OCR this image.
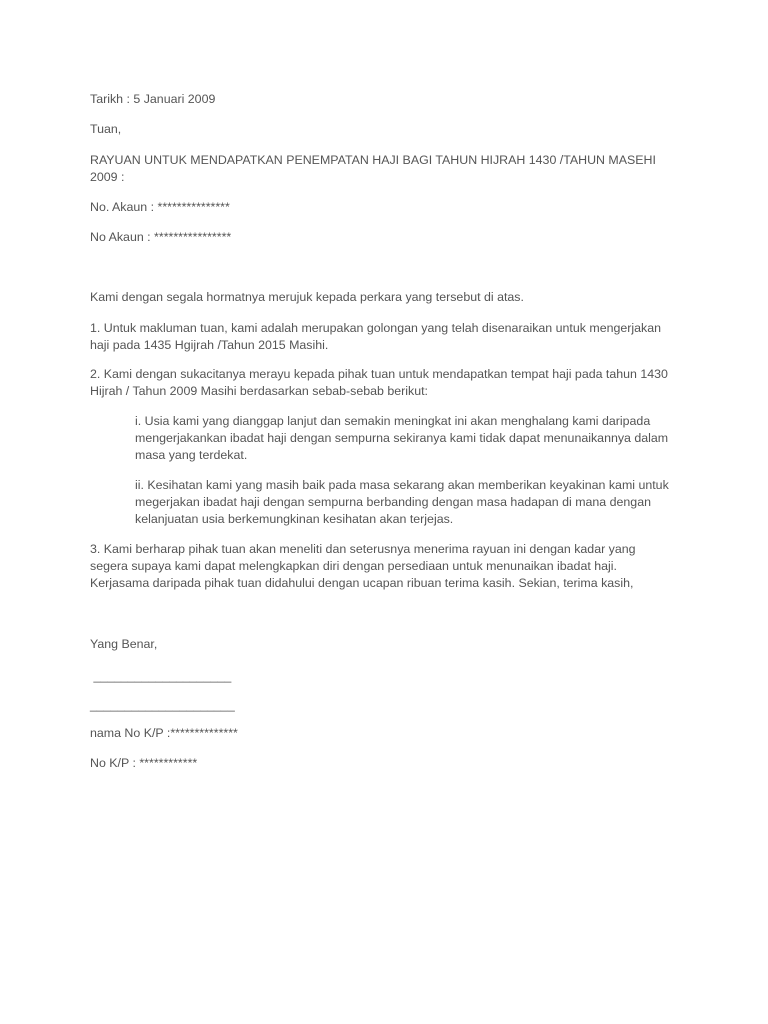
Tarikh : 5 Januari 2009

Tuan,

RAYUAN UNTUK MENDAPATKAN PENEMPATAN HAJI BAGI TAHUN HIJRAH 1430 /TAHUN MASEHI
2009 :

No. Akaun : ***************

No Akaun : ****************

Kami dengan segala hormatnya merujuk kepada perkara yang tersebut di atas.

1. Untuk makluman tuan, kami adalah merupakan golongan yang telah disenaraikan untuk mengerjakan
haji pada 1435 Hgijrah /Tahun 2015 Masihi.
2. Kami dengan sukacitanya merayu kepada pihak tuan untuk mendapatkan tempat haji pada tahun 1430
Hijrah / Tahun 2009 Masihi berdasarkan sebab-sebab berikut:
i. Usia kami yang dianggap lanjut dan semakin meningkat ini akan menghalang kami daripada
mengerjakankan ibadat haji dengan sempurna sekiranya kami tidak dapat menunaikannya dalam
masa yang terdekat.
ii. Kesihatan kami yang masih baik pada masa sekarang akan memberikan keyakinan kami untuk
megerjakan ibadat haji dengan sempurna berbanding dengan masa hadapan di mana dengan
kelanjuatan usia berkemungkinan kesihatan akan terjejas.
3. Kami berharap pihak tuan akan meneliti dan seterusnya menerima rayuan ini dengan kadar yang
segera supaya kami dapat melengkapkan diri dengan persediaan untuk menunaikan ibadat haji.
Kerjasama daripada pihak tuan didahului dengan ucapan ribuan terima kasih. Sekian, terima kasih,

Yang Benar,

____________________

_____________________

nama No K/P :**************

No K/P : ************
